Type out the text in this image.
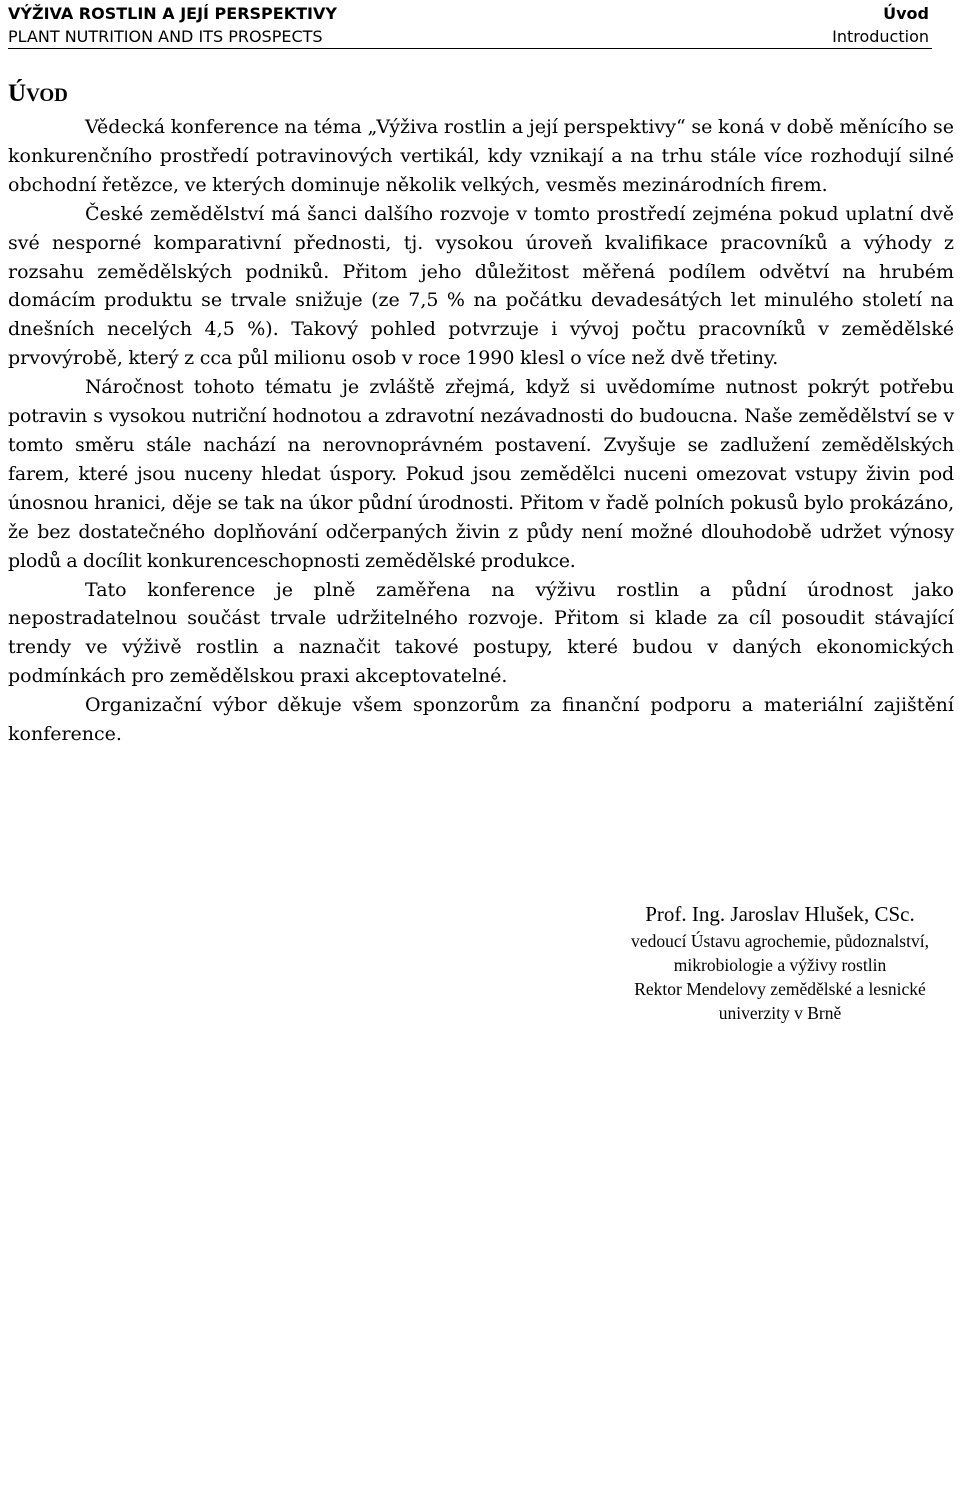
VÝŽIVA ROSTLIN A JEJÍ PERSPEKTIVY	Úvod
PLANT NUTRITION AND ITS PROSPECTS	Introduction
ÚVOD

Vědecká konference na téma „Výživa rostlin a její perspektivy“ se koná v době měnícího se konkurenčního prostředí potravinových vertikál, kdy vznikají a na trhu stále více rozhodují silné obchodní řetězce, ve kterých dominuje několik velkých, vesměs mezinárodních firem.

České zemědělství má šanci dalšího rozvoje v tomto prostředí zejména pokud uplatní dvě své nesporné komparativní přednosti, tj. vysokou úroveň kvalifikace pracovníků a výhody z rozsahu zemědělských podniků. Přitom jeho důležitost měřená podílem odvětví na hrubém domácím produktu se trvale snižuje (ze 7,5 % na počátku devadesátých let minulého století na dnešních necelých 4,5 %). Takový pohled potvrzuje i vývoj počtu pracovníků v zemědělské prvovýrobě, který z cca půl milionu osob v roce 1990 klesl o více než dvě třetiny.

Náročnost tohoto tématu je zvláště zřejmá, když si uvědomíme nutnost pokrýt potřebu potravin s vysokou nutriční hodnotou a zdravotní nezávadnosti do budoucna. Naše zemědělství se v tomto směru stále nachází na nerovnoprávném postavení. Zvyšuje se zadlužení zemědělských farem, které jsou nuceny hledat úspory. Pokud jsou zemědělci nuceni omezovat vstupy živin pod únosnou hranici, děje se tak na úkor půdní úrodnosti. Přitom v řadě polních pokusů bylo prokázáno, že bez dostatečného doplňování odčerpaných živin z půdy není možné dlouhodobě udržet výnosy plodů a docílit konkurenceschopnosti zemědělské produkce.

Tato konference je plně zaměřena na výživu rostlin a půdní úrodnost jako nepostradatelnou součást trvale udržitelného rozvoje. Přitom si klade za cíl posoudit stávající trendy ve výživě rostlin a naznačit takové postupy, které budou v daných ekonomických podmínkách pro zemědělskou praxi akceptovatelné.

Organizační výbor děkuje všem sponzorům za finanční podporu a materiální zajištění konference.

Prof. Ing. Jaroslav Hlušek, CSc.
vedoucí Ústavu agrochemie, půdoznalství,
mikrobiologie a výživy rostlin
Rektor Mendelovy zemědělské a lesnické
univerzity v Brně
